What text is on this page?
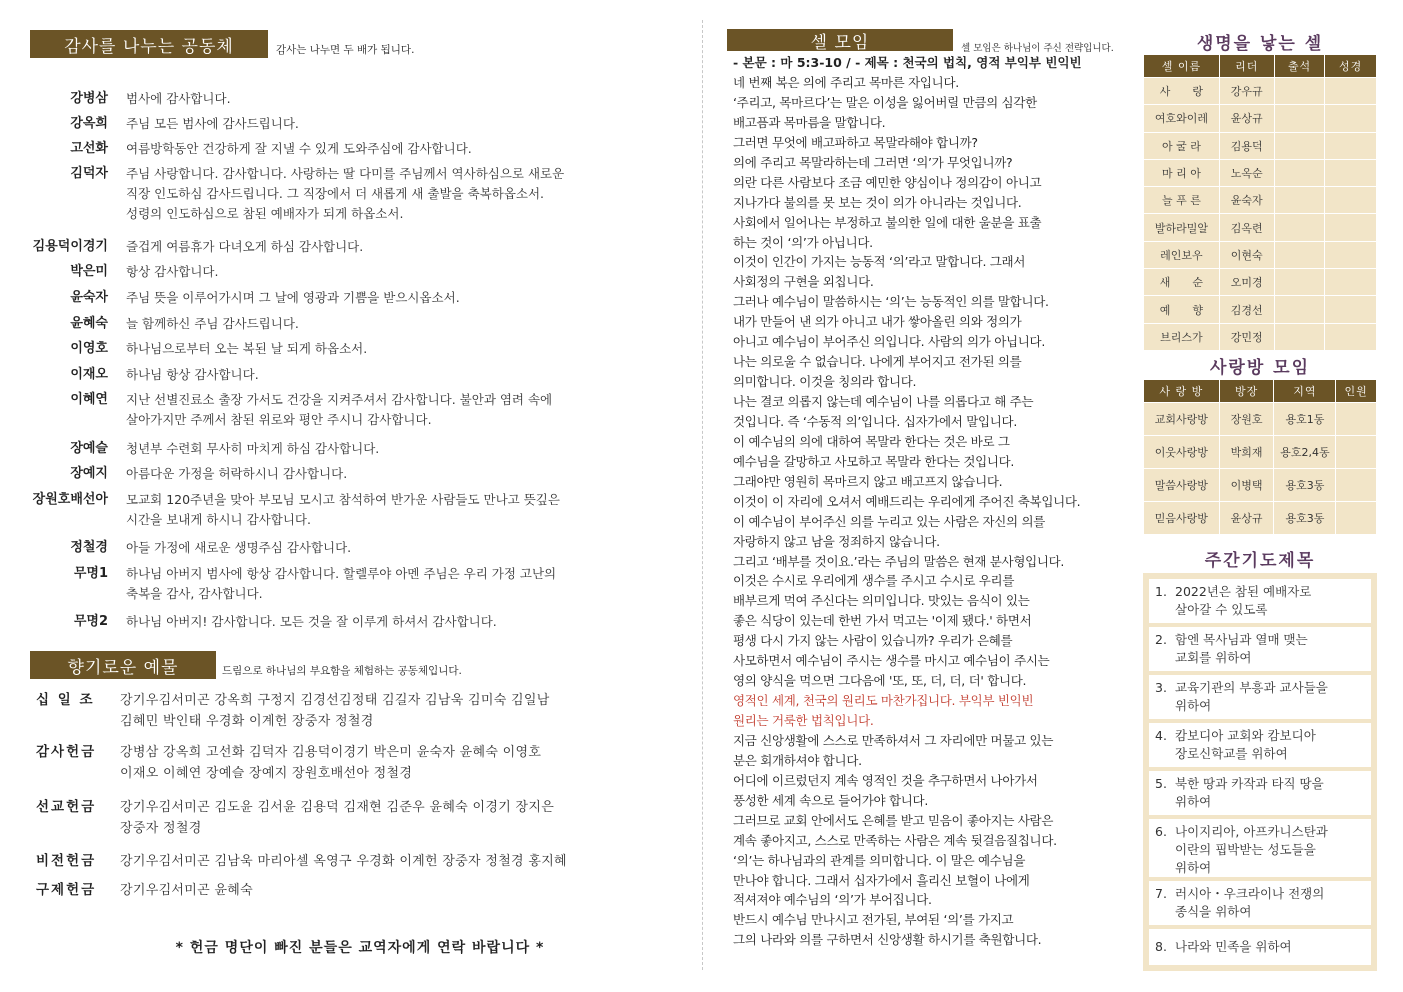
감사를 나누는 공동체	감사는 나누면 두 배가 됩니다.
강병삼	범사에 감사합니다.
강옥희	주님 모든 범사에 감사드립니다.
고선화	여름방학동안 건강하게 잘 지낼 수 있게 도와주심에 감사합니다.
김덕자	주님 사랑합니다. 감사합니다. 사랑하는 딸 다미를 주님께서 역사하심으로 새로운
직장 인도하심 감사드립니다. 그 직장에서 더 새롭게 새 출발을 축복하옵소서.
성령의 인도하심으로 참된 예배자가 되게 하옵소서.
김용덕이경기	즐겁게 여름휴가 다녀오게 하심 감사합니다.
박은미	항상 감사합니다.
윤숙자	주님 뜻을 이루어가시며 그 날에 영광과 기쁨을 받으시옵소서.
윤혜숙	늘 함께하신 주님 감사드립니다.
이영호	하나님으로부터 오는 복된 날 되게 하옵소서.
이재오	하나님 항상 감사합니다.
이혜연	지난 선별진료소 출장 가서도 건강을 지켜주셔서 감사합니다. 불안과 염려 속에
살아가지만 주께서 참된 위로와 평안 주시니 감사합니다.
장예슬	청년부 수련회 무사히 마치게 하심 감사합니다.
장예지	아름다운 가정을 허락하시니 감사합니다.
장원호배선아	모교회 120주년을 맞아 부모님 모시고 참석하여 반가운 사람들도 만나고 뜻깊은
시간을 보내게 하시니 감사합니다.
정철경	아들 가정에 새로운 생명주심 감사합니다.
무명1	하나님 아버지 범사에 항상 감사합니다. 할렐루야 아멘 주님은 우리 가정 고난의
축복을 감사, 감사합니다.
무명2	하나님 아버지! 감사합니다. 모든 것을 잘 이루게 하셔서 감사합니다.
향기로운 예물	드림으로 하나님의 부요함을 체험하는 공동체입니다.
십 일 조	강기우김서미곤 강옥희 구정지 김경선김정태 김길자 김남욱 김미숙 김일남
김혜민 박인태 우경화 이계헌 장중자 정철경
감사헌금	강병삼 강옥희 고선화 김덕자 김용덕이경기 박은미 윤숙자 윤혜숙 이영호
이재오 이혜연 장예슬 장예지 장원호배선아 정철경
선교헌금	강기우김서미곤 김도윤 김서윤 김용덕 김재현 김준우 윤혜숙 이경기 장지은
장중자 정철경
비전헌금	강기우김서미곤 김남욱 마리아셀 옥영구 우경화 이계헌 장중자 정철경 홍지혜
구제헌금	강기우김서미곤 윤혜숙
* 헌금 명단이 빠진 분들은 교역자에게 연락 바랍니다 *
셀 모임	셀 모임은 하나님이 주신 전략입니다.
- 본문 : 마 5:3-10 / - 제목 : 천국의 법칙, 영적 부익부 빈익빈
네 번째 복은 의에 주리고 목마른 자입니다.
‘주리고, 목마르다’는 말은 이성을 잃어버릴 만큼의 심각한
배고픔과 목마름을 말합니다.
그러면 무엇에 배고파하고 목말라해야 합니까?
의에 주리고 목말라하는데 그러면 ‘의’가 무엇입니까?
의란 다른 사람보다 조금 예민한 양심이나 정의감이 아니고
지나가다 불의를 못 보는 것이 의가 아니라는 것입니다.
사회에서 일어나는 부정하고 불의한 일에 대한 울분을 표출
하는 것이 ‘의’가 아닙니다.
이것이 인간이 가지는 능동적 ‘의’라고 말합니다. 그래서
사회정의 구현을 외칩니다.
그러나 예수님이 말씀하시는 ‘의’는 능동적인 의를 말합니다.
내가 만들어 낸 의가 아니고 내가 쌓아올린 의와 정의가
아니고 예수님이 부어주신 의입니다. 사람의 의가 아닙니다.
나는 의로울 수 없습니다. 나에게 부어지고 전가된 의를
의미합니다. 이것을 칭의라 합니다.
나는 결코 의롭지 않는데 예수님이 나를 의롭다고 해 주는
것입니다. 즉 ‘수동적 의’입니다. 십자가에서 말입니다.
이 예수님의 의에 대하여 목말라 한다는 것은 바로 그
예수님을 갈망하고 사모하고 목말라 한다는 것입니다.
그래야만 영원히 목마르지 않고 배고프지 않습니다.
이것이 이 자리에 오셔서 예배드리는 우리에게 주어진 축복입니다.
이 예수님이 부어주신 의를 누리고 있는 사람은 자신의 의를
자랑하지 않고 남을 정죄하지 않습니다.
그리고 ‘배부를 것이요.’라는 주님의 말씀은 현재 분사형입니다.
이것은 수시로 우리에게 생수를 주시고 수시로 우리를
배부르게 먹여 주신다는 의미입니다. 맛있는 음식이 있는
좋은 식당이 있는데 한번 가서 먹고는 '이제 됐다.' 하면서
평생 다시 가지 않는 사람이 있습니까? 우리가 은혜를
사모하면서 예수님이 주시는 생수를 마시고 예수님이 주시는
영의 양식을 먹으면 그다음에 '또, 또, 더, 더, 더' 합니다.
영적인 세계, 천국의 원리도 마찬가집니다. 부익부 빈익빈
원리는 거룩한 법칙입니다.
지금 신앙생활에 스스로 만족하셔서 그 자리에만 머물고 있는
분은 회개하셔야 합니다.
어디에 이르렀던지 계속 영적인 것을 추구하면서 나아가서
풍성한 세계 속으로 들어가야 합니다.
그러므로 교회 안에서도 은혜를 받고 믿음이 좋아지는 사람은
계속 좋아지고, 스스로 만족하는 사람은 계속 뒷걸음질칩니다.
‘의’는 하나님과의 관계를 의미합니다. 이 말은 예수님을
만나야 합니다. 그래서 십자가에서 흘리신 보혈이 나에게
적셔져야 예수님의 ‘의’가 부어집니다.
반드시 예수님 만나시고 전가된, 부여된 ‘의’를 가지고
그의 나라와 의를 구하면서 신앙생활 하시기를 축원합니다.
생명을 낳는 셀
셀 이름	리더	출석	성경
사　　랑	강우규		
여호와이레	윤상규		
아 굴 라	김용덕		
마 리 아	노옥순		
늘 푸 른	윤숙자		
발하라밀알	김옥련		
레인보우	이현숙		
새　　순	오미경		
예　　향	김경선		
브리스가	강민정		
사랑방 모임
사 랑 방	방장	지역	인원
교회사랑방	장원호	용호1동	
이웃사랑방	박희재	용호2,4동	
말씀사랑방	이병택	용호3동	
믿음사랑방	윤상규	용호3동	
주간기도제목
1. 2022년은 참된 예배자로
살아갈 수 있도록
2. 함엔 목사님과 열매 맺는
교회를 위하여
3. 교육기관의 부흥과 교사들을
위하여
4. 캄보디아 교회와 캄보디아
장로신학교를 위하여
5. 북한 땅과 카작과 타직 땅을
위하여
6. 나이지리아, 아프카니스탄과
이란의 핍박받는 성도들을
위하여
7. 러시아・우크라이나 전쟁의
종식을 위하여
8. 나라와 민족을 위하여
